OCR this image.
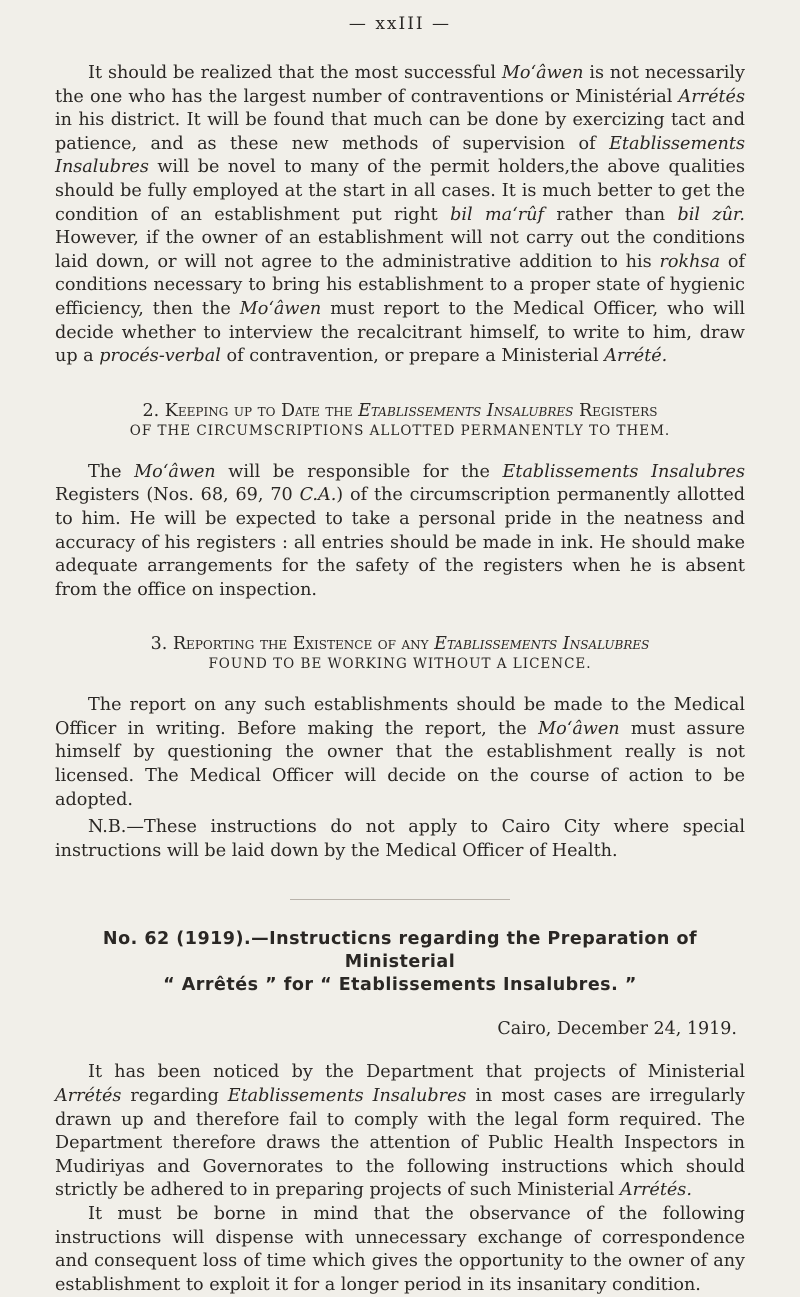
— xxIII —

It should be realized that the most successful Mo‘âwen is not necessarily the one who has the largest number of contraventions or Ministérial Arrétés in his district. It will be found that much can be done by exercizing tact and patience, and as these new methods of supervision of Etablissements Insalubres will be novel to many of the permit holders,the above qualities should be fully employed at the start in all cases. It is much better to get the condition of an establishment put right bil ma‘rûf rather than bil zûr. However, if the owner of an establishment will not carry out the conditions laid down, or will not agree to the administrative addition to his rokhsa of conditions necessary to bring his establishment to a proper state of hygienic efficiency, then the Mo‘âwen must report to the Medical Officer, who will decide whether to interview the recalcitrant himself, to write to him, draw up a procés-verbal of contravention, or prepare a Ministerial Arrété.

2. Keeping up to Date the Etablissements Insalubres Registers
OF THE CIRCUMSCRIPTIONS ALLOTTED PERMANENTLY TO THEM.

The Mo‘âwen will be responsible for the Etablissements Insalubres Registers (Nos. 68, 69, 70 C.A.) of the circumscription permanently allotted to him. He will be expected to take a personal pride in the neatness and accuracy of his registers : all entries should be made in ink. He should make adequate arrangements for the safety of the registers when he is absent from the office on inspection.

3. Reporting the Existence of any Etablissements Insalubres
FOUND TO BE WORKING WITHOUT A LICENCE.

The report on any such establishments should be made to the Medical Officer in writing. Before making the report, the Mo‘âwen must assure himself by questioning the owner that the establishment really is not licensed. The Medical Officer will decide on the course of action to be adopted.

N.B.—These instructions do not apply to Cairo City where special instructions will be laid down by the Medical Officer of Health.

No. 62 (1919).—Instructicns regarding the Preparation of Ministerial
“ Arrêtés ” for “ Etablissements Insalubres. ”
Cairo, December 24, 1919.

It has been noticed by the Department that projects of Ministerial Arrétés regarding Etablissements Insalubres in most cases are irregularly drawn up and therefore fail to comply with the legal form required. The Department therefore draws the attention of Public Health Inspectors in Mudiriyas and Governorates to the following instructions which should strictly be adhered to in preparing projects of such Ministerial Arrétés.

It must be borne in mind that the observance of the following instructions will dispense with unnecessary exchange of correspondence and consequent loss of time which gives the opportunity to the owner of any establishment to exploit it for a longer period in its insanitary condition.
